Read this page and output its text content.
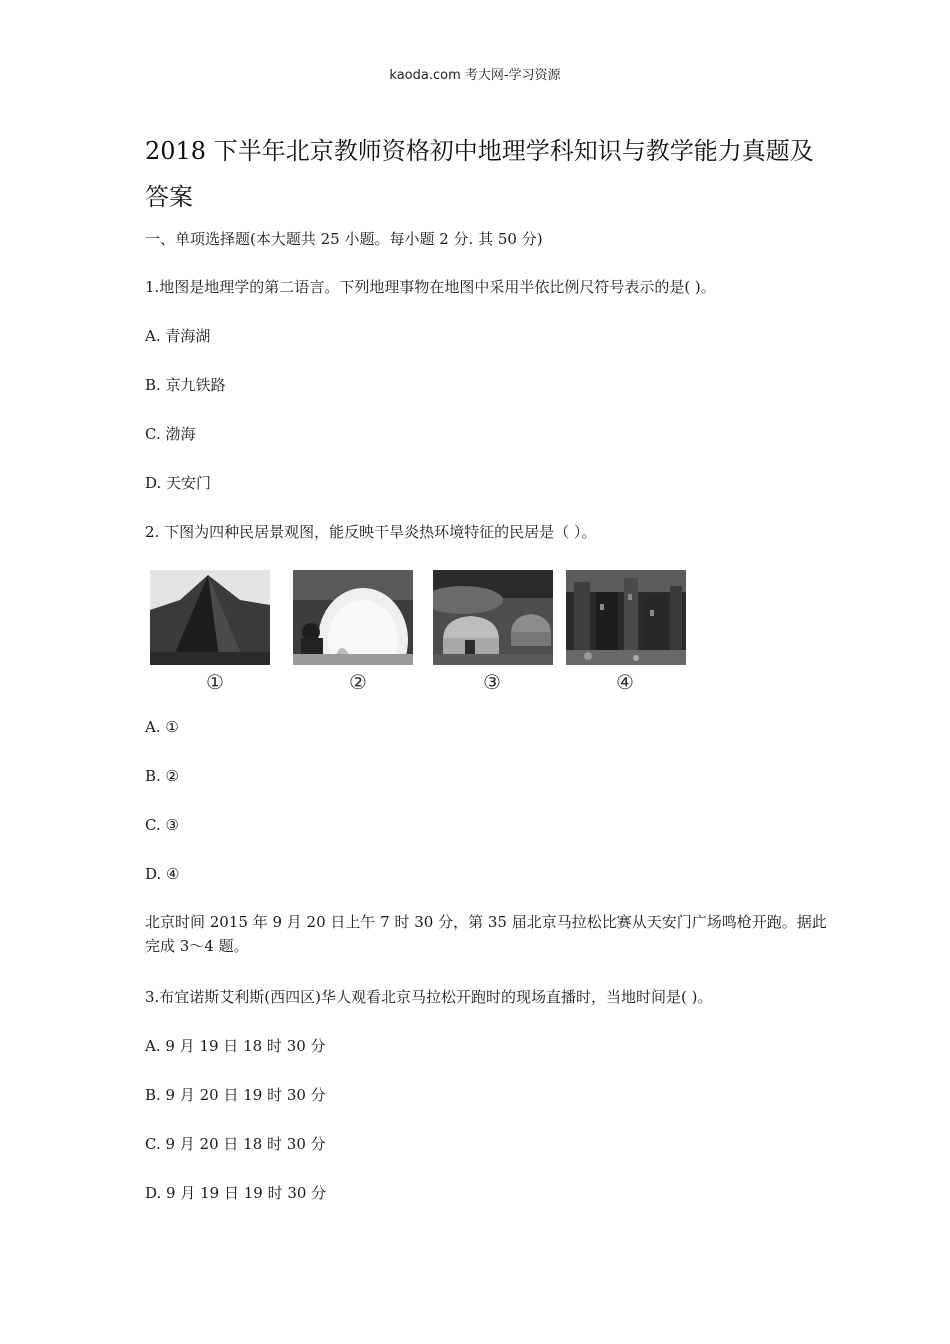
kaoda.com 考大网-学习资源
2018 下半年北京教师资格初中地理学科知识与教学能力真题及答案
一、单项选择题(本大题共 25 小题。每小题 2 分. 其 50 分)
1.地图是地理学的第二语言。下列地理事物在地图中采用半依比例尺符号表示的是( )。
A. 青海湖
B. 京九铁路
C. 渤海
D. 天安门
2. 下图为四种民居景观图，能反映干旱炎热环境特征的民居是（ ）。
①	②	③	④
A. ①
B. ②
C. ③
D. ④
北京时间 2015 年 9 月 20 日上午 7 时 30 分，第 35 届北京马拉松比赛从天安门广场鸣枪开跑。据此完成 3～4 题。
3.布宜诺斯艾利斯(西四区)华人观看北京马拉松开跑时的现场直播时，当地时间是( )。
A. 9 月 19 日 18 时 30 分
B. 9 月 20 日 19 时 30 分
C. 9 月 20 日 18 时 30 分
D. 9 月 19 日 19 时 30 分
